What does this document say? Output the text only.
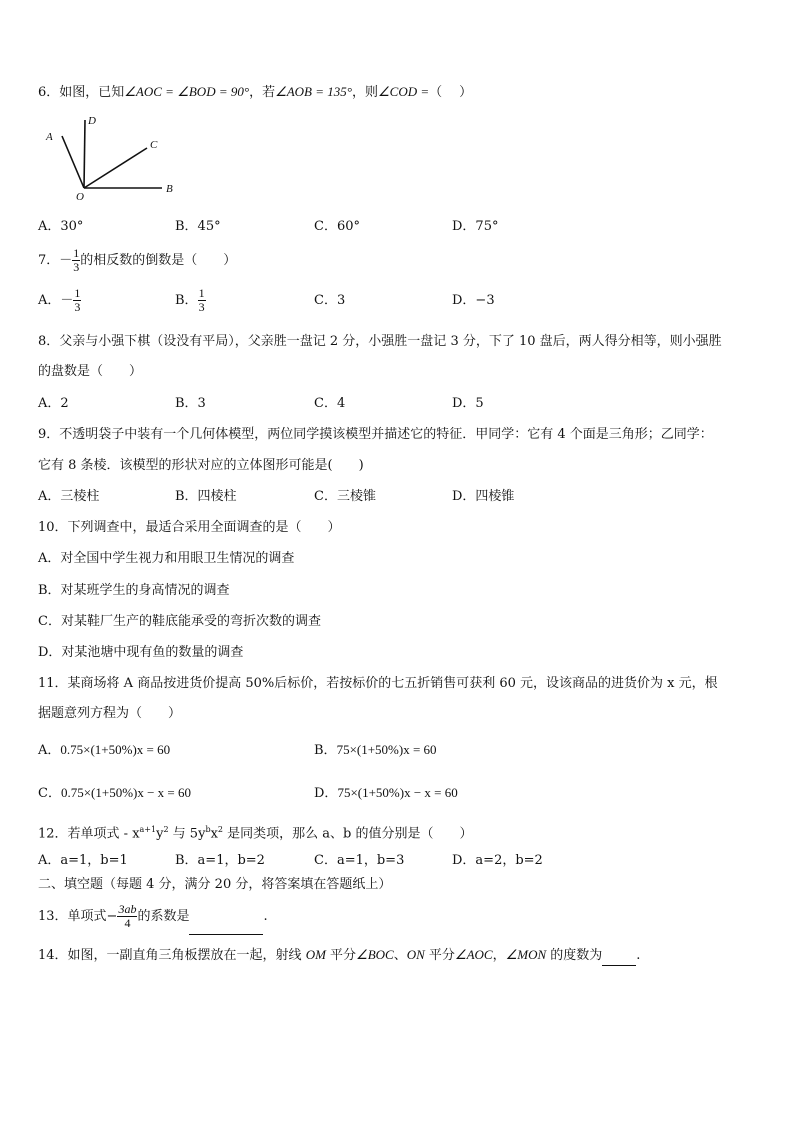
6．如图，已知∠AOC = ∠BOD = 90°，若∠AOB = 135°，则∠COD =（　）
A
D
C
O
B
A．30°	B．45°	C．60°	D．75°
7．－ $\frac{1}{3}$ 的相反数的倒数是（　　）
A．－ $\frac{1}{3}$	B． $\frac{1}{3}$	C．3	D．−3
8．父亲与小强下棋（设没有平局），父亲胜一盘记 2 分，小强胜一盘记 3 分，下了 10 盘后，两人得分相等，则小强胜
的盘数是（　　）
A．2	B．3	C．4	D．5
9．不透明袋子中装有一个几何体模型，两位同学摸该模型并描述它的特征．甲同学：它有 4 个面是三角形；乙同学：
它有 8 条棱．该模型的形状对应的立体图形可能是(　　)
A．三棱柱	B．四棱柱	C．三棱锥	D．四棱锥
10．下列调查中，最适合采用全面调查的是（　　）
A．对全国中学生视力和用眼卫生情况的调查
B．对某班学生的身高情况的调查
C．对某鞋厂生产的鞋底能承受的弯折次数的调查
D．对某池塘中现有鱼的数量的调查
11．某商场将 A 商品按进货价提高 50%后标价，若按标价的七五折销售可获利 60 元，设该商品的进货价为 x 元，根
据题意列方程为（　　）
A．0.75×(1+50%)x = 60	B．75×(1+50%)x = 60
C．0.75×(1+50%)x − x = 60	D．75×(1+50%)x − x = 60
12．若单项式 - $x^{a+1}y^2$ 与 $5y^bx^2$ 是同类项，那么 a、b 的值分别是（　　）
A．a=1，b=1	B．a=1，b=2	C．a=1，b=3	D．a=2，b=2
二、填空题（每题 4 分，满分 20 分，将答案填在答题纸上）
13．单项式− $\frac{3ab}{4}$ 的系数是	.
14．如图，一副直角三角板摆放在一起，射线 OM 平分∠BOC、ON 平分∠AOC，∠MON 的度数为	.
